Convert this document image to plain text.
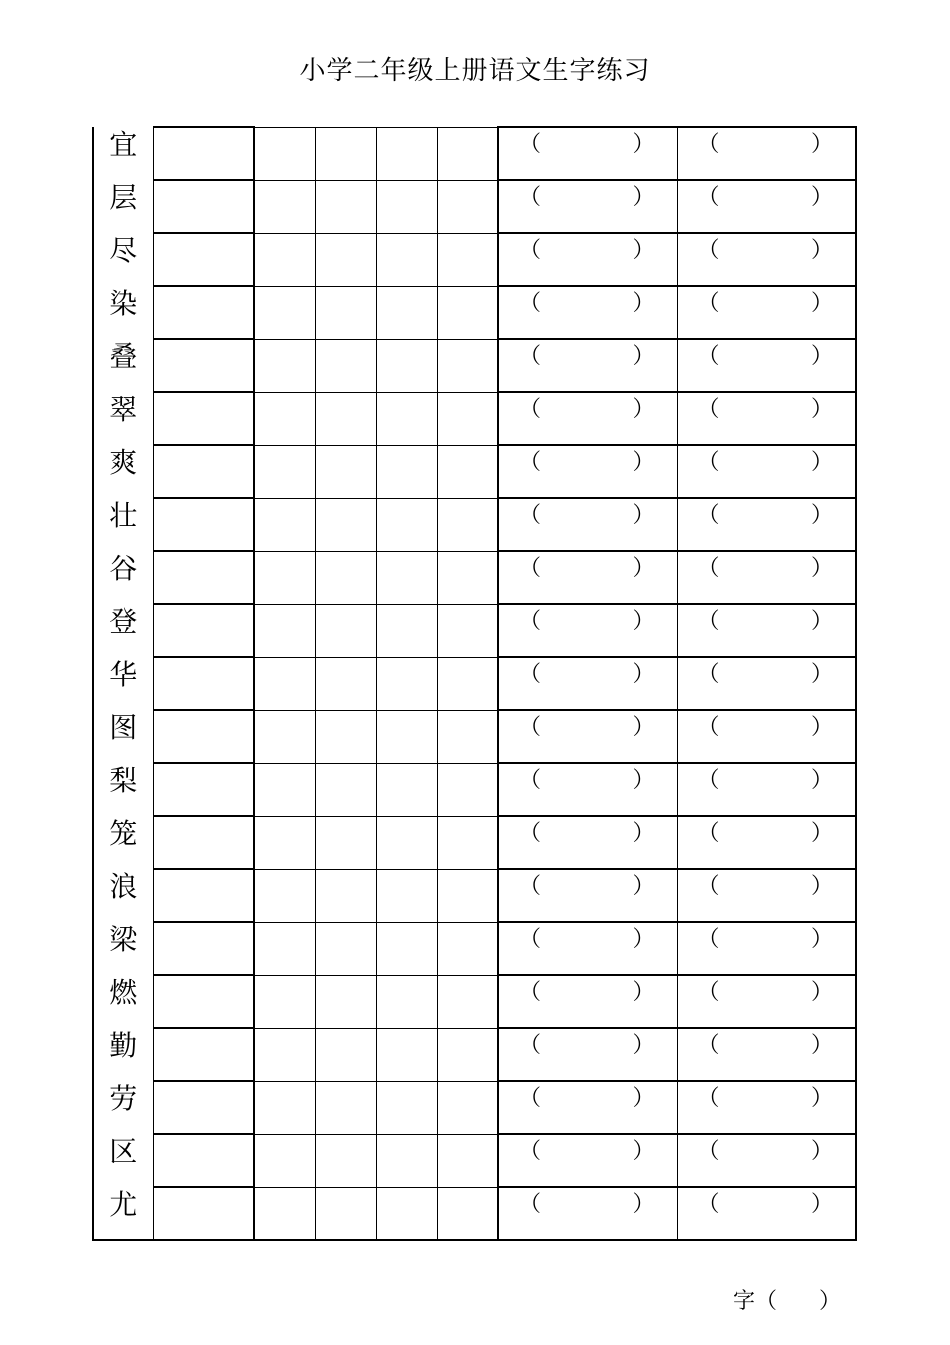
小学二年级上册语文生字练习
宜						（ ）	（ ）

层						（ ）	（ ）

尽						（ ）	（ ）

染						（ ）	（ ）

叠						（ ）	（ ）

翠						（ ）	（ ）

爽						（ ）	（ ）

壮						（ ）	（ ）

谷						（ ）	（ ）

登						（ ）	（ ）

华						（ ）	（ ）

图						（ ）	（ ）

梨						（ ）	（ ）

笼						（ ）	（ ）

浪						（ ）	（ ）

梁						（ ）	（ ）

燃						（ ）	（ ）

勤						（ ）	（ ）

劳						（ ）	（ ）

区						（ ）	（ ）

尤						（ ）	（ ）
字（ ）
